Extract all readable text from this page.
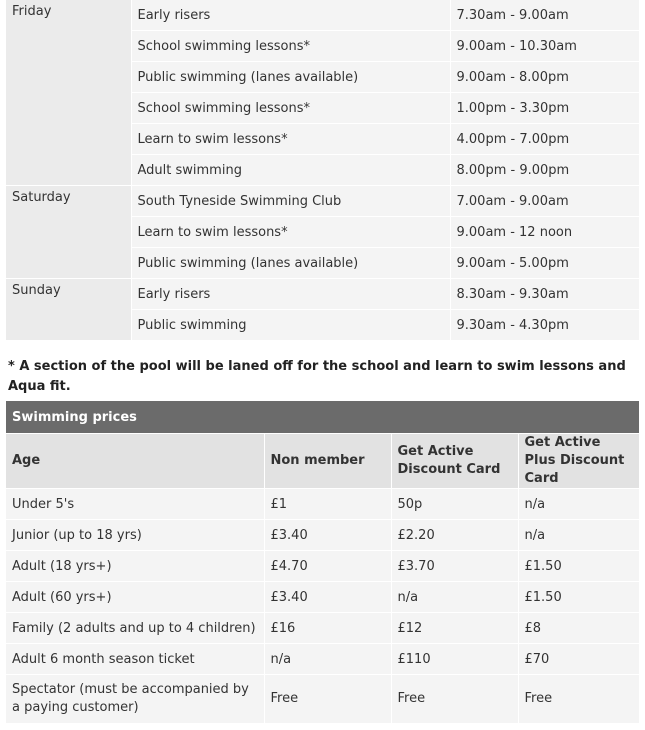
Friday	Early risers	7.30am - 9.00am
	School swimming lessons*	9.00am - 10.30am
	Public swimming (lanes available)	9.00am - 8.00pm
	School swimming lessons*	1.00pm - 3.30pm
	Learn to swim lessons*	4.00pm - 7.00pm
	Adult swimming	8.00pm - 9.00pm
Saturday	South Tyneside Swimming Club	7.00am - 9.00am
	Learn to swim lessons*	9.00am - 12 noon
	Public swimming (lanes available)	9.00am - 5.00pm
Sunday	Early risers	8.30am - 9.30am
	Public swimming	9.30am - 4.30pm

* A section of the pool will be laned off for the school and learn to swim lessons and Aqua fit.

Swimming prices			
Age	Non member	Get Active Discount Card	Get Active Plus Discount Card
Under 5's	£1	50p	n/a
Junior (up to 18 yrs)	£3.40	£2.20	n/a
Adult (18 yrs+)	£4.70	£3.70	£1.50
Adult (60 yrs+)	£3.40	n/a	£1.50
Family (2 adults and up to 4 children)	£16	£12	£8
Adult 6 month season ticket	n/a	£110	£70
Spectator (must be accompanied by a paying customer)	Free	Free	Free
